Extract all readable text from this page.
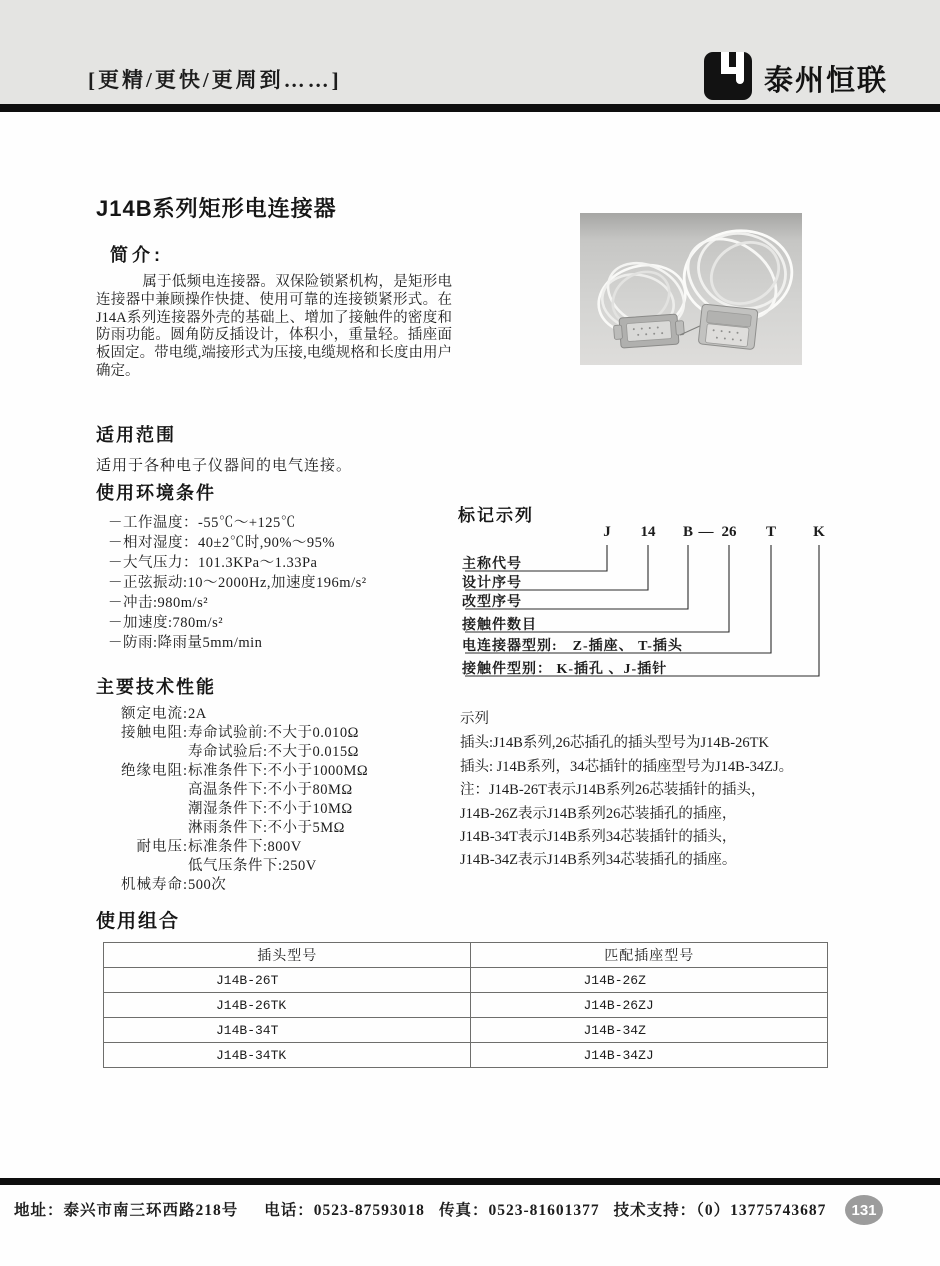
[更精/更快/更周到……]	泰州恒联
J14B系列矩形电连接器
简介:

属于低频电连接器。双保险锁紧机构，是矩形电连接器中兼顾操作快捷、使用可靠的连接锁紧形式。在J14A系列连接器外壳的基础上、增加了接触件的密度和防雨功能。圆角防反插设计，体积小，重量轻。插座面板固定。带电缆,端接形式为压接,电缆规格和长度由用户确定。

适用范围

适用于各种电子仪器间的电气连接。

使用环境条件
－工作温度：-55℃～+125℃
－相对湿度：40±2℃时,90%～95%
－大气压力：101.3KPa～1.33Pa
－正弦振动:10～2000Hz,加速度196m/s²
－冲击:980m/s²
－加速度:780m/s²
－防雨:降雨量5mm/min
主要技术性能
额定电流: 2A
接触电阻: 寿命试验前:不大于0.010Ω
寿命试验后:不大于0.015Ω
绝缘电阻: 标准条件下:不小于1000MΩ
高温条件下:不小于80MΩ
潮湿条件下:不小于10MΩ
淋雨条件下:不小于5MΩ
耐电压: 标准条件下:800V
低气压条件下:250V
机械寿命: 500次
标记示列
J 14 B — 26 T K
主称代号
设计序号
改型序号
接触件数目
电连接器型别:　Z-插座、 T-插头
接触件型别： K-插孔 、J-插针
示列
插头:J14B系列,26芯插孔的插头型号为J14B-26TK
插头: J14B系列，34芯插针的插座型号为J14B-34ZJ。
注：J14B-26T表示J14B系列26芯装插针的插头，
J14B-26Z表示J14B系列26芯装插孔的插座，
J14B-34T表示J14B系列34芯装插针的插头，
J14B-34Z表示J14B系列34芯装插孔的插座。
使用组合
插头型号	匹配插座型号
J14B-26T	J14B-26Z
J14B-26TK	J14B-26ZJ
J14B-34T	J14B-34Z
J14B-34TK	J14B-34ZJ
地址：泰兴市南三环西路218号 电话：0523-87593018 传真：0523-81601377 技术支持：（0）13775743687	131
